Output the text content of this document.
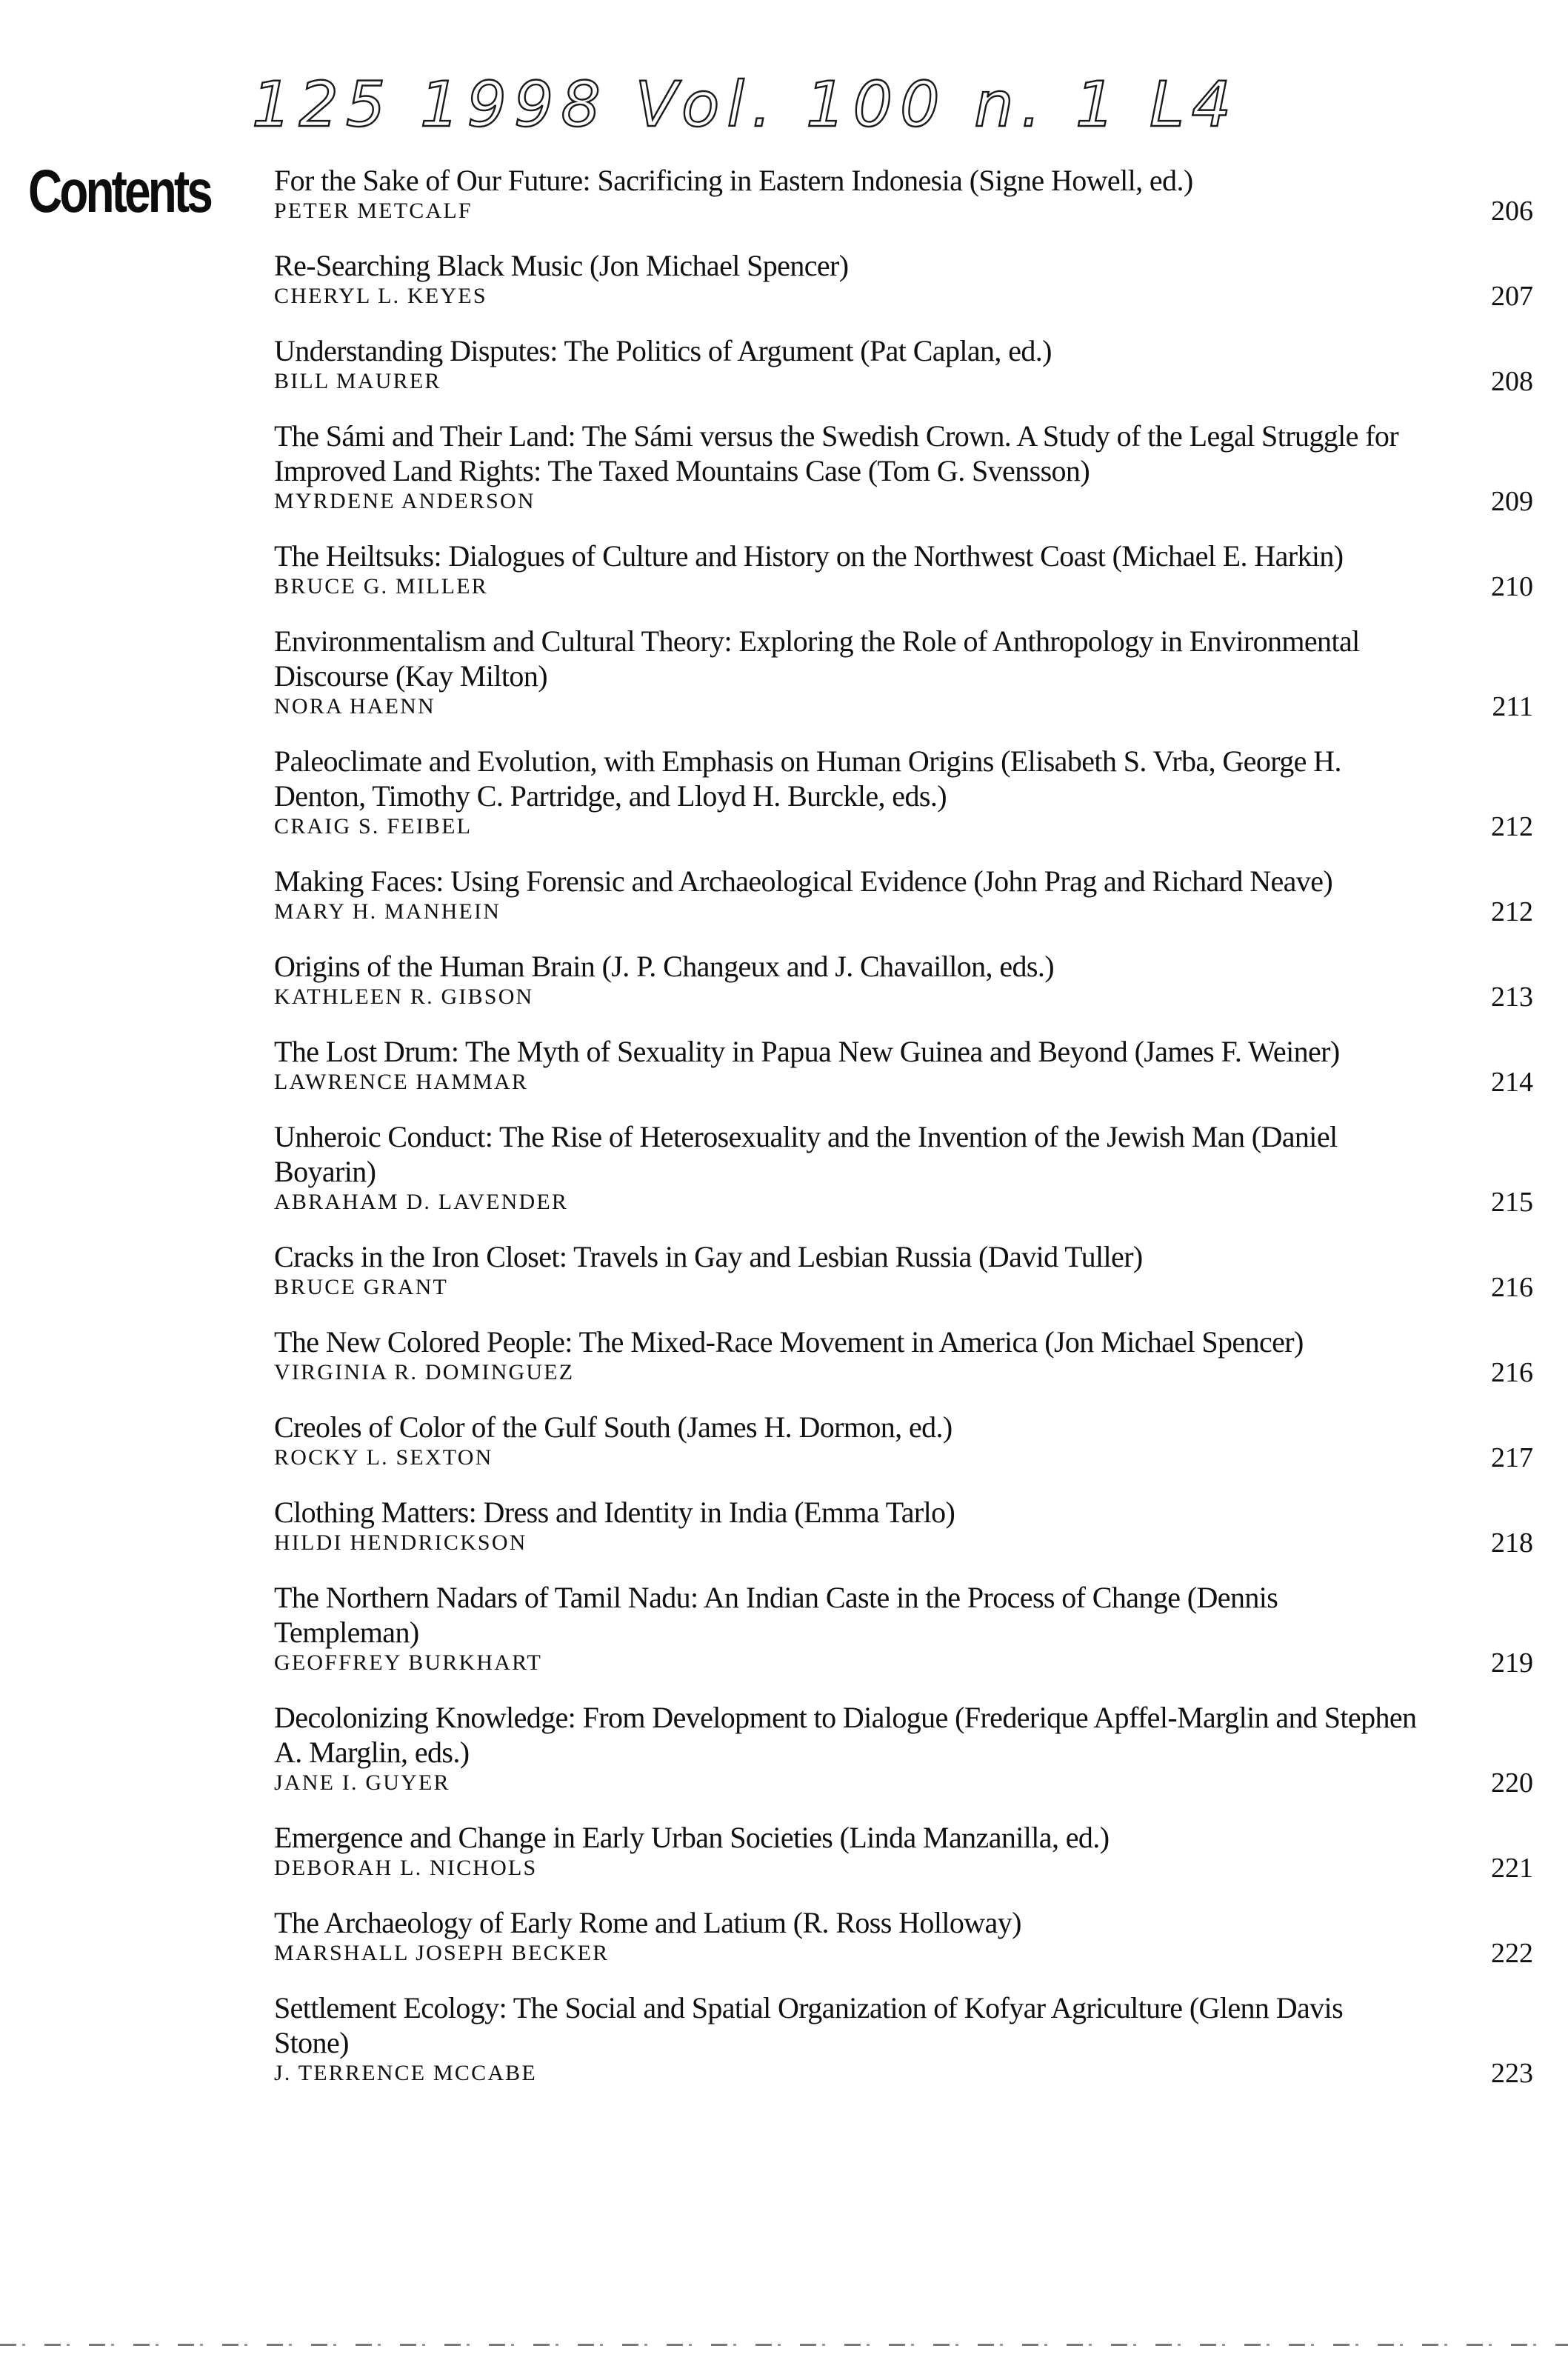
125 1998 Vol. 100 n. 1 L4
Contents For the Sake of Our Future: Sacrificing in Eastern Indonesia (Signe Howell, ed.)
PETER METCALF	206
Re-Searching Black Music (Jon Michael Spencer)
CHERYL L. KEYES	207
Understanding Disputes: The Politics of Argument (Pat Caplan, ed.)
BILL MAURER	208
The Sámi and Their Land: The Sámi versus the Swedish Crown. A Study of the Legal Struggle for Improved Land Rights: The Taxed Mountains Case (Tom G. Svensson)
MYRDENE ANDERSON	209
The Heiltsuks: Dialogues of Culture and History on the Northwest Coast (Michael E. Harkin)
BRUCE G. MILLER	210
Environmentalism and Cultural Theory: Exploring the Role of Anthropology in Environmental Discourse (Kay Milton)
NORA HAENN	211
Paleoclimate and Evolution, with Emphasis on Human Origins (Elisabeth S. Vrba, George H. Denton, Timothy C. Partridge, and Lloyd H. Burckle, eds.)
CRAIG S. FEIBEL	212
Making Faces: Using Forensic and Archaeological Evidence (John Prag and Richard Neave)
MARY H. MANHEIN	212
Origins of the Human Brain (J. P. Changeux and J. Chavaillon, eds.)
KATHLEEN R. GIBSON	213
The Lost Drum: The Myth of Sexuality in Papua New Guinea and Beyond (James F. Weiner)
LAWRENCE HAMMAR	214
Unheroic Conduct: The Rise of Heterosexuality and the Invention of the Jewish Man (Daniel Boyarin)
ABRAHAM D. LAVENDER	215
Cracks in the Iron Closet: Travels in Gay and Lesbian Russia (David Tuller)
BRUCE GRANT	216
The New Colored People: The Mixed-Race Movement in America (Jon Michael Spencer)
VIRGINIA R. DOMINGUEZ	216
Creoles of Color of the Gulf South (James H. Dormon, ed.)
ROCKY L. SEXTON	217
Clothing Matters: Dress and Identity in India (Emma Tarlo)
HILDI HENDRICKSON	218
The Northern Nadars of Tamil Nadu: An Indian Caste in the Process of Change (Dennis Templeman)
GEOFFREY BURKHART	219
Decolonizing Knowledge: From Development to Dialogue (Frederique Apffel-Marglin and Stephen A. Marglin, eds.)
JANE I. GUYER	220
Emergence and Change in Early Urban Societies (Linda Manzanilla, ed.)
DEBORAH L. NICHOLS	221
The Archaeology of Early Rome and Latium (R. Ross Holloway)
MARSHALL JOSEPH BECKER	222
Settlement Ecology: The Social and Spatial Organization of Kofyar Agriculture (Glenn Davis Stone)
J. TERRENCE MCCABE	223
